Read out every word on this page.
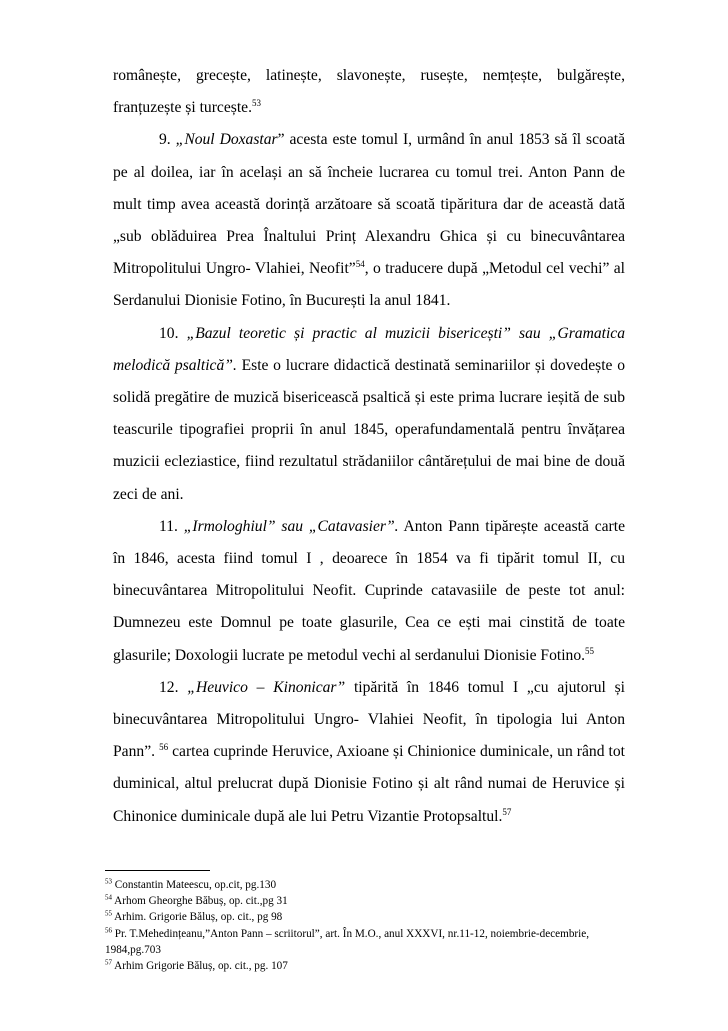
românește, grecește, latinește, slavonește, rusește, nemțește, bulgărește, franțuzește și turcește.$^{53}$

9. „Noul Doxastar” acesta este tomul I, urmând în anul 1853 să îl scoată pe al doilea, iar în același an să încheie lucrarea cu tomul trei. Anton Pann de mult timp avea această dorință arzătoare să scoată tipăritura dar de această dată „sub oblăduirea Prea Înaltului Prinț Alexandru Ghica și cu binecuvântarea Mitropolitului Ungro- Vlahiei, Neofit”$^{54}$, o traducere după „Metodul cel vechi” al Serdanului Dionisie Fotino, în București la anul 1841.

10. „Bazul teoretic și practic al muzicii bisericești” sau „Gramatica melodică psaltică”. Este o lucrare didactică destinată seminariilor și dovedește o solidă pregătire de muzică bisericească psaltică și este prima lucrare ieșită de sub teascurile tipografiei proprii în anul 1845, operafundamentală pentru învățarea muzicii ecleziastice, fiind rezultatul strădaniilor cântărețului de mai bine de două zeci de ani.

11. „Irmologhiul” sau „Catavasier”. Anton Pann tipărește această carte în 1846, acesta fiind tomul I , deoarece în 1854 va fi tipărit tomul II, cu binecuvântarea Mitropolitului Neofit. Cuprinde catavasiile de peste tot anul: Dumnezeu este Domnul pe toate glasurile, Cea ce ești mai cinstită de toate glasurile; Doxologii lucrate pe metodul vechi al serdanului Dionisie Fotino.$^{55}$

12. „Heuvico – Kinonicar” tipărită în 1846 tomul I „cu ajutorul și binecuvântarea Mitropolitului Ungro- Vlahiei Neofit, în tipologia lui Anton Pann”. $^{56}$ cartea cuprinde Heruvice, Axioane și Chinionice duminicale, un rând tot duminical, altul prelucrat după Dionisie Fotino și alt rând numai de Heruvice și Chinonice duminicale după ale lui Petru Vizantie Protopsaltul.$^{57}$

$^{53}$ Constantin Mateescu, op.cit, pg.130
$^{54}$ Arhom Gheorghe Băbuș, op. cit.,pg 31
$^{55}$ Arhim. Grigorie Băluș, op. cit., pg 98
$^{56}$ Pr. T.Mehedințeanu,”Anton Pann – scriitorul”, art. În M.O., anul XXXVI, nr.11-12, noiembrie-decembrie, 1984,pg.703
$^{57}$ Arhim Grigorie Băluș, op. cit., pg. 107
